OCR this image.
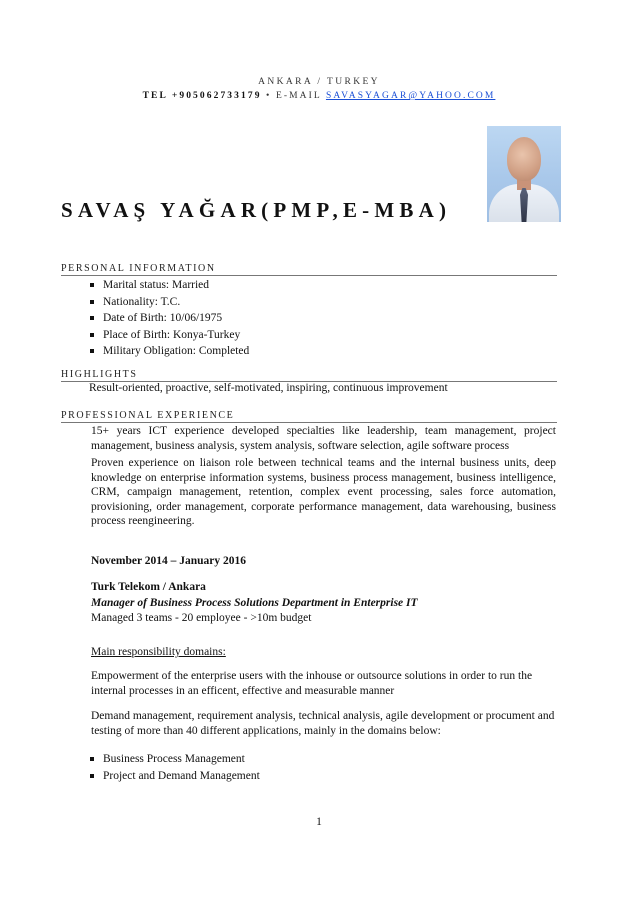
ANKARA / TURKEY
TEL +905062733179 • E-MAIL SAVASYAGAR@YAHOO.COM
SAVAŞ YAĞAR(PMP,E-MBA)
PERSONAL INFORMATION
Marital status: Married
Nationality: T.C.
Date of Birth: 10/06/1975
Place of Birth: Konya-Turkey
Military Obligation: Completed
HIGHLIGHTS
Result-oriented, proactive, self-motivated, inspiring, continuous improvement
PROFESSIONAL EXPERIENCE
15+ years ICT experience developed specialties like leadership, team management, project management, business analysis, system analysis, software selection, agile software process
Proven experience on liaison role between technical teams and the internal business units, deep knowledge on enterprise information systems, business process management, business intelligence, CRM, campaign management, retention, complex event processing, sales force automation, provisioning, order management, corporate performance management, data warehousing, business process reengineering.
November 2014 – January 2016
Turk Telekom / Ankara
Manager of Business Process Solutions Department in Enterprise IT
Managed 3 teams - 20 employee - >10m budget
Main responsibility domains:
Empowerment of the enterprise users with the inhouse or outsource solutions in order to run the internal processes in an efficent, effective and measurable manner
Demand management, requirement analysis, technical analysis, agile development or procument and testing of more than 40 different applications, mainly in the domains below:
Business Process Management
Project and Demand Management
1
